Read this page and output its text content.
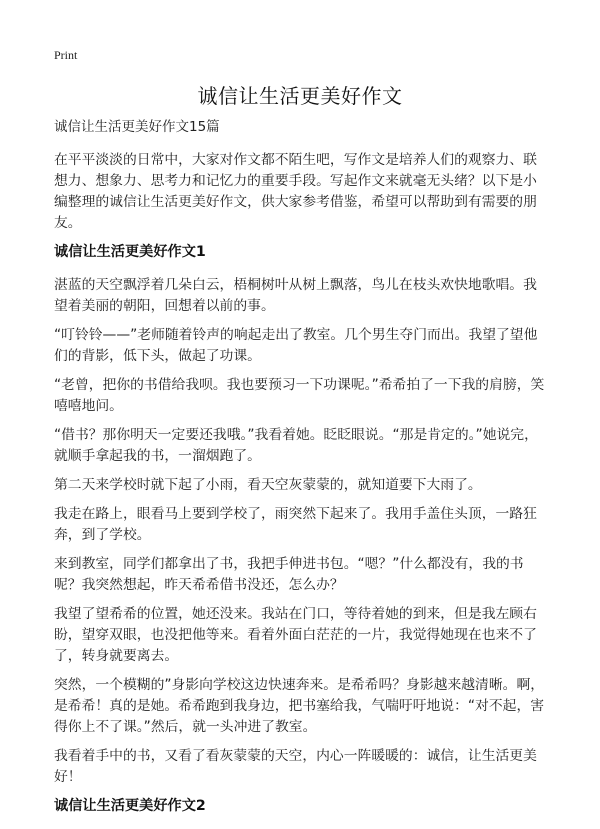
Print
诚信让生活更美好作文
诚信让生活更美好作文15篇

在平平淡淡的日常中，大家对作文都不陌生吧，写作文是培养人们的观察力、联想力、想象力、思考力和记忆力的重要手段。写起作文来就毫无头绪？以下是小编整理的诚信让生活更美好作文，供大家参考借鉴，希望可以帮助到有需要的朋友。

诚信让生活更美好作文1

湛蓝的天空飘浮着几朵白云，梧桐树叶从树上飘落，鸟儿在枝头欢快地歌唱。我望着美丽的朝阳，回想着以前的事。

“叮铃铃——”老师随着铃声的响起走出了教室。几个男生夺门而出。我望了望他们的背影，低下头，做起了功课。

“老曾，把你的书借给我呗。我也要预习一下功课呢。”希希拍了一下我的肩膀，笑嘻嘻地问。

“借书？那你明天一定要还我哦。”我看着她。眨眨眼说。“那是肯定的。”她说完，就顺手拿起我的书，一溜烟跑了。

第二天来学校时就下起了小雨，看天空灰蒙蒙的，就知道要下大雨了。

我走在路上，眼看马上要到学校了，雨突然下起来了。我用手盖住头顶，一路狂奔，到了学校。

来到教室，同学们都拿出了书，我把手伸进书包。“嗯？”什么都没有，我的书呢？我突然想起，昨天希希借书没还，怎么办？

我望了望希希的位置，她还没来。我站在门口，等待着她的到来，但是我左顾右盼，望穿双眼，也没把他等来。看着外面白茫茫的一片，我觉得她现在也来不了了，转身就要离去。

突然，一个模糊的”身影向学校这边快速奔来。是希希吗？身影越来越清晰。啊，是希希！真的是她。希希跑到我身边，把书塞给我，气喘吁吁地说：“对不起，害得你上不了课。”然后，就一头冲进了教室。

我看着手中的书，又看了看灰蒙蒙的天空，内心一阵暖暖的：诚信，让生活更美好！

诚信让生活更美好作文2
